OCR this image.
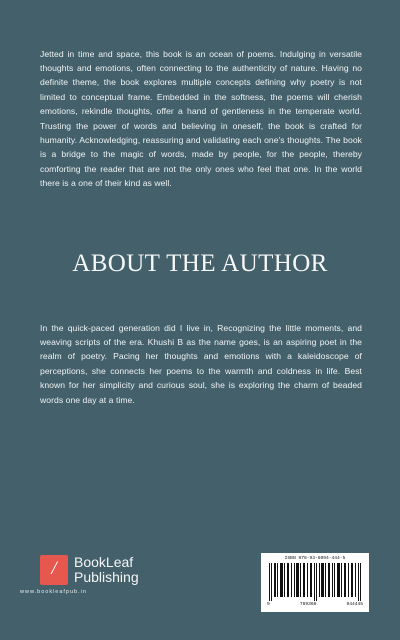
Jetted in time and space, this book is an ocean of poems. Indulging in versatile thoughts and emotions, often connecting to the authenticity of nature. Having no definite theme, the book explores multiple concepts defining why poetry is not limited to conceptual frame. Embedded in the softness, the poems will cherish emotions, rekindle thoughts, offer a hand of gentleness in the temperate world. Trusting the power of words and believing in oneself, the book is crafted for humanity. Acknowledging, reassuring and validating each one's thoughts. The book is a bridge to the magic of words, made by people, for the people, thereby comforting the reader that are not the only ones who feel that one. In the world there is a one of their kind as well.

ABOUT THE AUTHOR

In the quick-paced generation did I live in, Recognizing the little moments, and weaving scripts of the era. Khushi B as the name goes, is an aspiring poet in the realm of poetry. Pacing her thoughts and emotions with a kaleidoscope of perceptions, she connects her poems to the warmth and coldness in life. Best known for her simplicity and curious soul, she is exploring the charm of beaded words one day at a time.

/	BookLeaf
Publishing
www.bookleafpub.in
ISBN 978-93-6094-444-5
9	789360	944445
